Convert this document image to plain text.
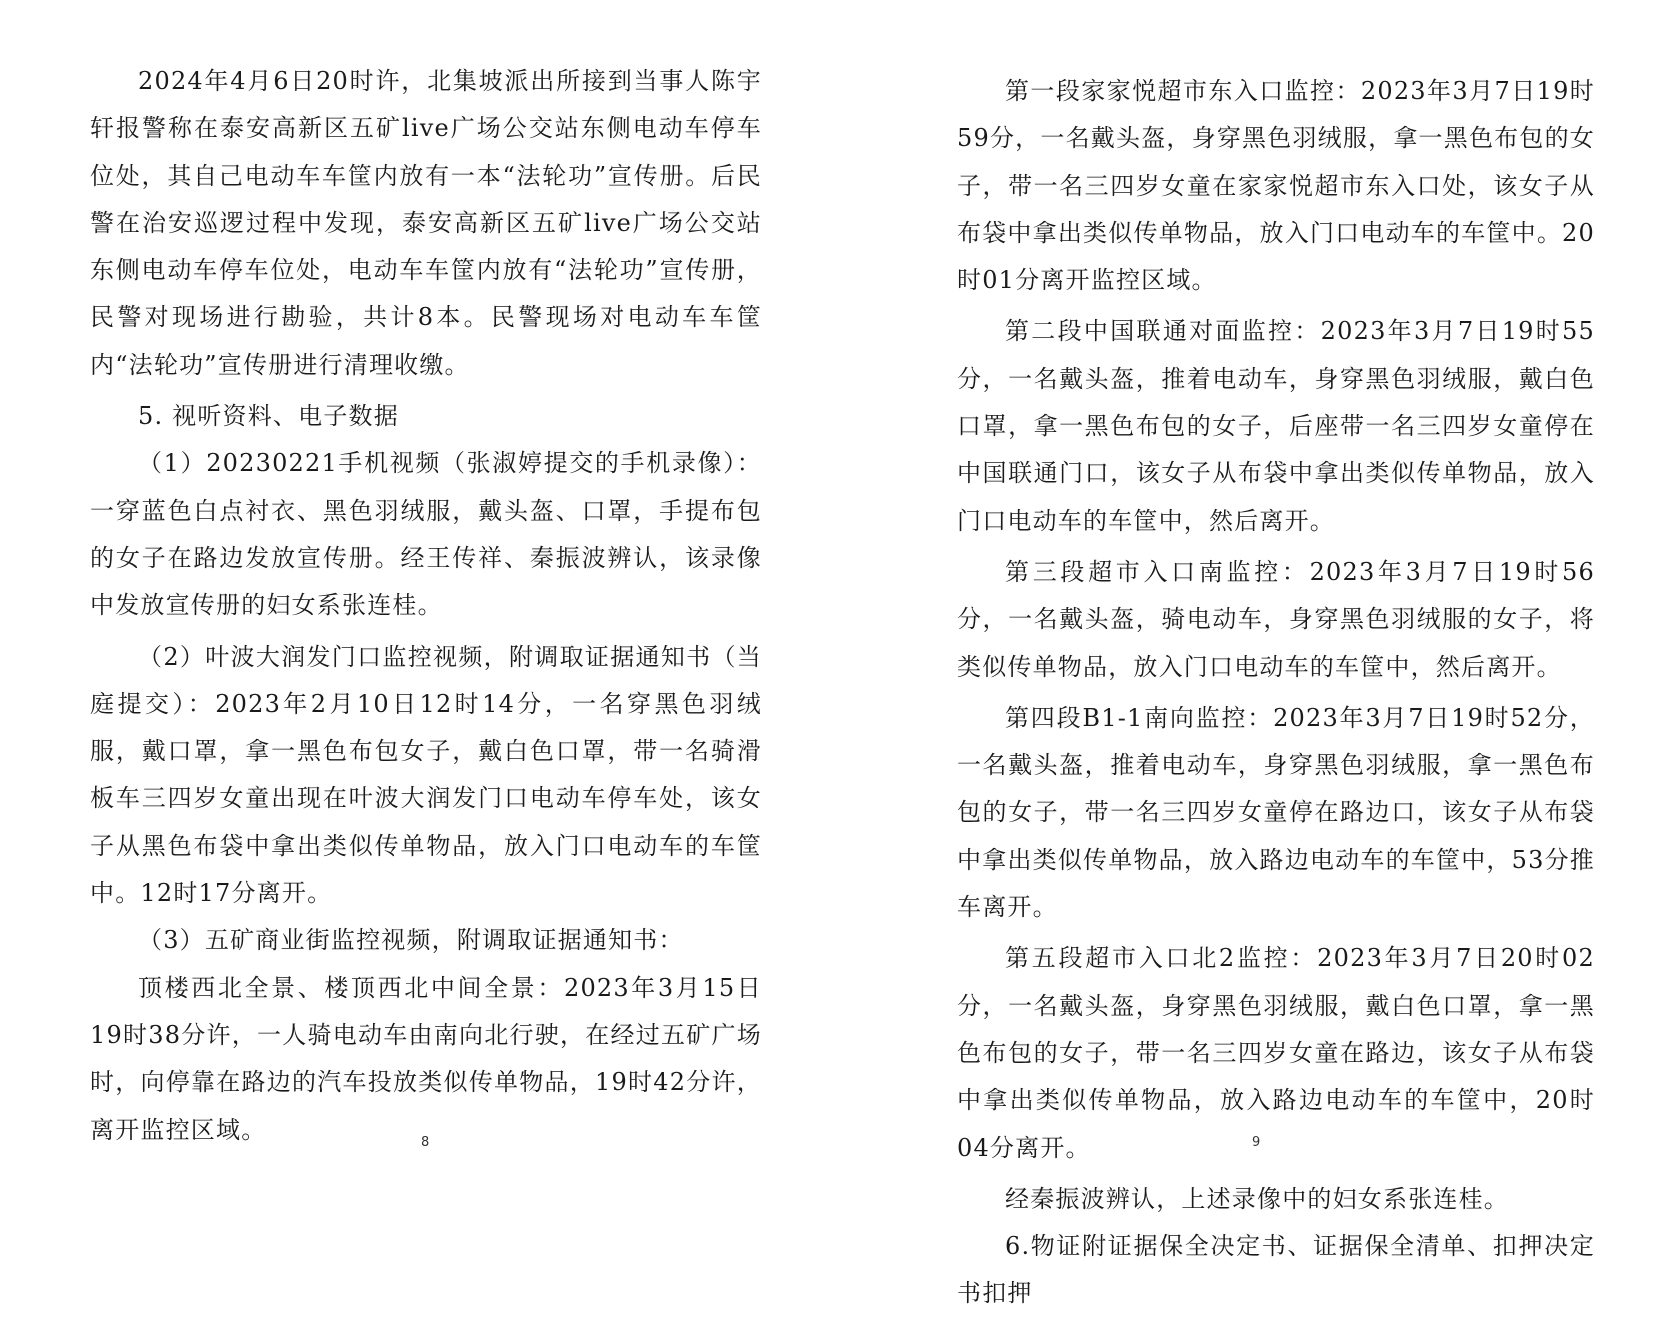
2024年4月6日20时许，北集坡派出所接到当事人陈宇轩报警称在泰安高新区五矿live广场公交站东侧电动车停车位处，其自己电动车车筐内放有一本“法轮功”宣传册。后民警在治安巡逻过程中发现，泰安高新区五矿live广场公交站东侧电动车停车位处，电动车车筐内放有“法轮功”宣传册，民警对现场进行勘验，共计8本。民警现场对电动车车筐内“法轮功”宣传册进行清理收缴。

5. 视听资料、电子数据

（1）20230221手机视频（张淑婷提交的手机录像）：一穿蓝色白点衬衣、黑色羽绒服，戴头盔、口罩，手提布包的女子在路边发放宣传册。经王传祥、秦振波辨认，该录像中发放宣传册的妇女系张连桂。

（2）叶波大润发门口监控视频，附调取证据通知书（当庭提交）：2023年2月10日12时14分，一名穿黑色羽绒服，戴口罩，拿一黑色布包女子，戴白色口罩，带一名骑滑板车三四岁女童出现在叶波大润发门口电动车停车处，该女子从黑色布袋中拿出类似传单物品，放入门口电动车的车筐中。12时17分离开。

（3）五矿商业街监控视频，附调取证据通知书：

顶楼西北全景、楼顶西北中间全景：2023年3月15日19时38分许，一人骑电动车由南向北行驶，在经过五矿广场时，向停靠在路边的汽车投放类似传单物品，19时42分许，离开监控区域。	8

第一段家家悦超市东入口监控：2023年3月7日19时59分，一名戴头盔，身穿黑色羽绒服，拿一黑色布包的女子，带一名三四岁女童在家家悦超市东入口处，该女子从布袋中拿出类似传单物品，放入门口电动车的车筐中。20时01分离开监控区域。

第二段中国联通对面监控：2023年3月7日19时55分，一名戴头盔，推着电动车，身穿黑色羽绒服，戴白色口罩，拿一黑色布包的女子，后座带一名三四岁女童停在中国联通门口，该女子从布袋中拿出类似传单物品，放入门口电动车的车筐中，然后离开。

第三段超市入口南监控：2023年3月7日19时56分，一名戴头盔，骑电动车，身穿黑色羽绒服的女子，将类似传单物品，放入门口电动车的车筐中，然后离开。

第四段B1-1南向监控：2023年3月7日19时52分，一名戴头盔，推着电动车，身穿黑色羽绒服，拿一黑色布包的女子，带一名三四岁女童停在路边口，该女子从布袋中拿出类似传单物品，放入路边电动车的车筐中，53分推车离开。

第五段超市入口北2监控：2023年3月7日20时02分，一名戴头盔，身穿黑色羽绒服，戴白色口罩，拿一黑色布包的女子，带一名三四岁女童在路边，该女子从布袋中拿出类似传单物品，放入路边电动车的车筐中，20时04分离开。

经秦振波辨认，上述录像中的妇女系张连桂。

6.物证附证据保全决定书、证据保全清单、扣押决定书扣押

9
